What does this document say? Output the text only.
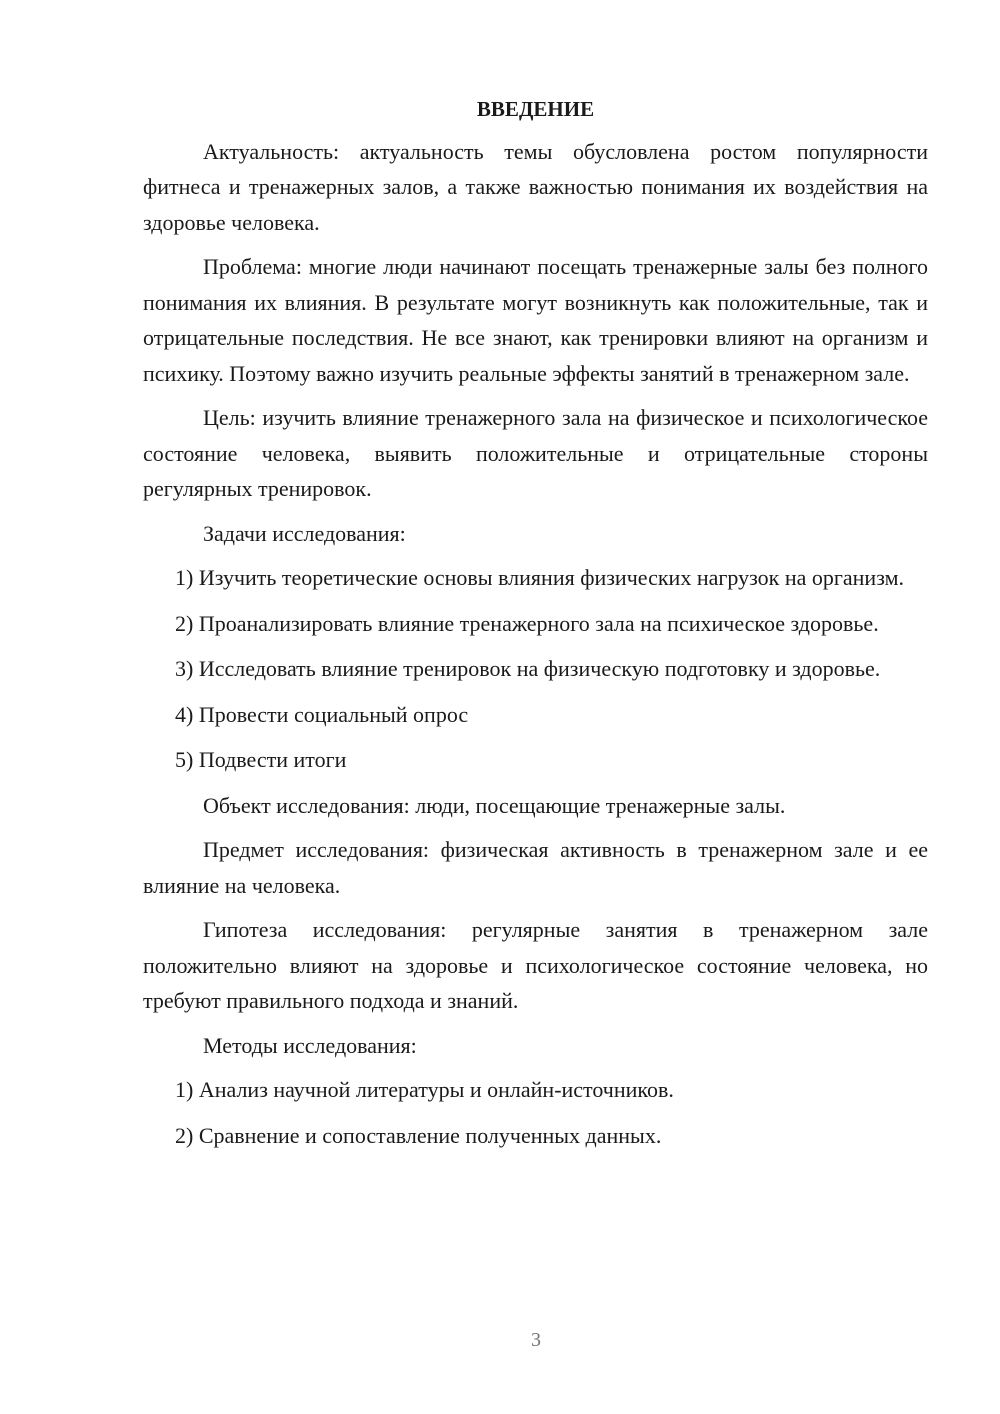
ВВЕДЕНИЕ

Актуальность: актуальность темы обусловлена ростом популярности фитнеса и тренажерных залов, а также важностью понимания их воздействия на здоровье человека.

Проблема: многие люди начинают посещать тренажерные залы без полного понимания их влияния. В результате могут возникнуть как положительные, так и отрицательные последствия. Не все знают, как тренировки влияют на организм и психику. Поэтому важно изучить реальные эффекты занятий в тренажерном зале.

Цель: изучить влияние тренажерного зала на физическое и психологическое состояние человека, выявить положительные и отрицательные стороны регулярных тренировок.

Задачи исследования:

1) Изучить теоретические основы влияния физических нагрузок на организм.

2) Проанализировать влияние тренажерного зала на психическое здоровье.

3) Исследовать влияние тренировок на физическую подготовку и здоровье.

4) Провести социальный опрос

5) Подвести итоги

Объект исследования: люди, посещающие тренажерные залы.

Предмет исследования: физическая активность в тренажерном зале и ее влияние на человека.

Гипотеза исследования: регулярные занятия в тренажерном зале положительно влияют на здоровье и психологическое состояние человека, но требуют правильного подхода и знаний.

Методы исследования:

1) Анализ научной литературы и онлайн-источников.

2) Сравнение и сопоставление полученных данных.

3
